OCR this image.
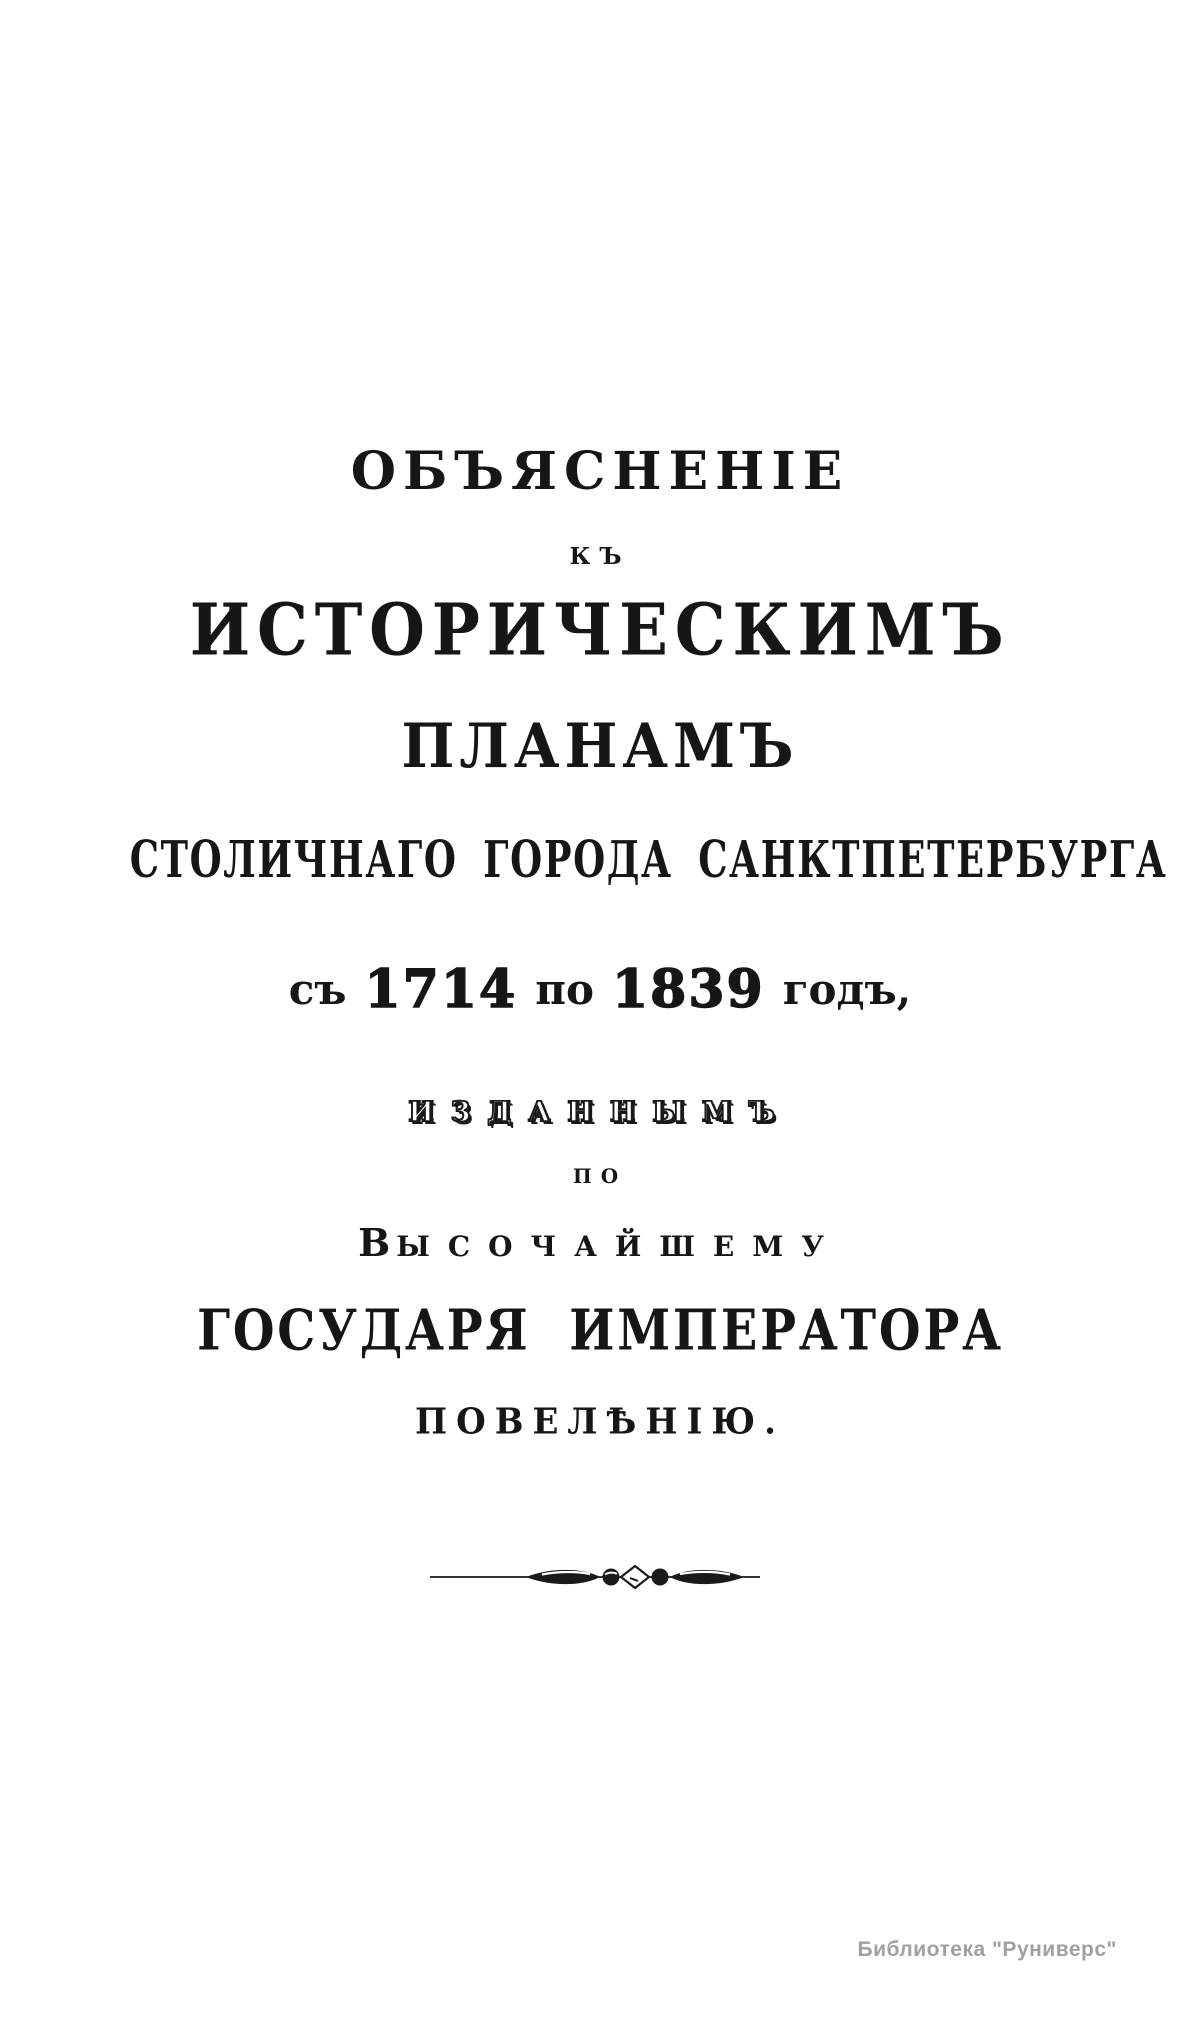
ОБЪЯСНЕНІЕ
КЪ
ИСТОРИЧЕСКИМЪ
ПЛАНАМЪ
СТОЛИЧНАГО ГОРОДА САНКТПЕТЕРБУРГА
съ 1714 по 1839 годъ,
ИЗДАННЫМЪ
ПО
ВЫСОЧАЙШЕМУ
ГОСУДАРЯ  ИМПЕРАТОРА
ПОВЕЛѢНІЮ.
Библиотека "Руниверс"
